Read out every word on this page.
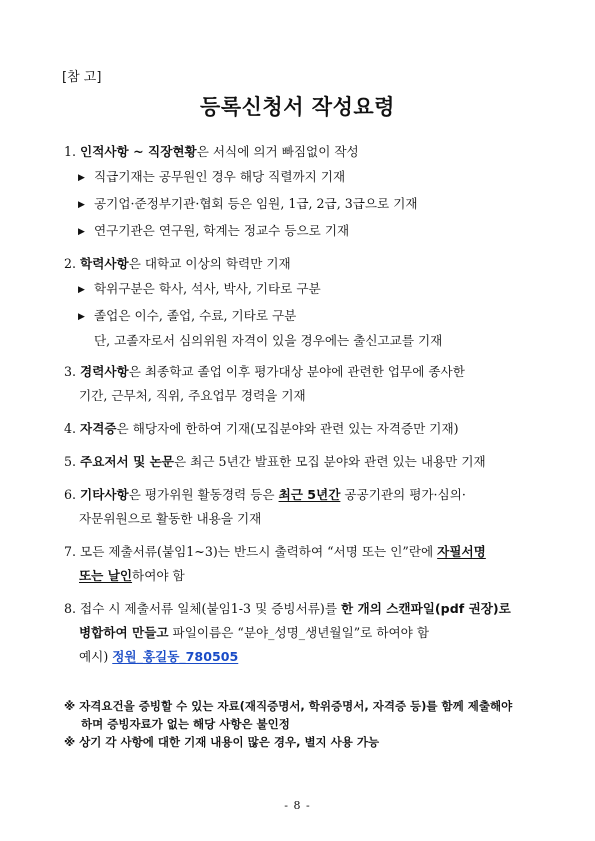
[참 고]
등록신청서 작성요령
1. 인적사항 ~ 직장현황은 서식에 의거 빠짐없이 작성
▶ 직급기재는 공무원인 경우 해당 직렬까지 기재
▶ 공기업·준정부기관·협회 등은 임원, 1급, 2급, 3급으로 기재
▶ 연구기관은 연구원, 학계는 정교수 등으로 기재
2. 학력사항은 대학교 이상의 학력만 기재
▶ 학위구분은 학사, 석사, 박사, 기타로 구분
▶ 졸업은 이수, 졸업, 수료, 기타로 구분
단, 고졸자로서 심의위원 자격이 있을 경우에는 출신고교를 기재
3. 경력사항은 최종학교 졸업 이후 평가대상 분야에 관련한 업무에 종사한
기간, 근무처, 직위, 주요업무 경력을 기재
4. 자격증은 해당자에 한하여 기재(모집분야와 관련 있는 자격증만 기재)
5. 주요저서 및 논문은 최근 5년간 발표한 모집 분야와 관련 있는 내용만 기재
6. 기타사항은 평가위원 활동경력 등은 최근 5년간 공공기관의 평가·심의·
자문위원으로 활동한 내용을 기재
7. 모든 제출서류(붙임1~3)는 반드시 출력하여 “서명 또는 인”란에 자필서명
또는 날인하여야 함
8. 접수 시 제출서류 일체(붙임1-3 및 증빙서류)를 한 개의 스캔파일(pdf 권장)로
병합하여 만들고 파일이름은 “분야_성명_생년월일”로 하여야 함
예시) 정원_홍길동_780505
※ 자격요건을 증빙할 수 있는 자료(재직증명서, 학위증명서, 자격증 등)를 함께 제출해야
하며 증빙자료가 없는 해당 사항은 불인정
※ 상기 각 사항에 대한 기재 내용이 많은 경우, 별지 사용 가능
- 8 -
